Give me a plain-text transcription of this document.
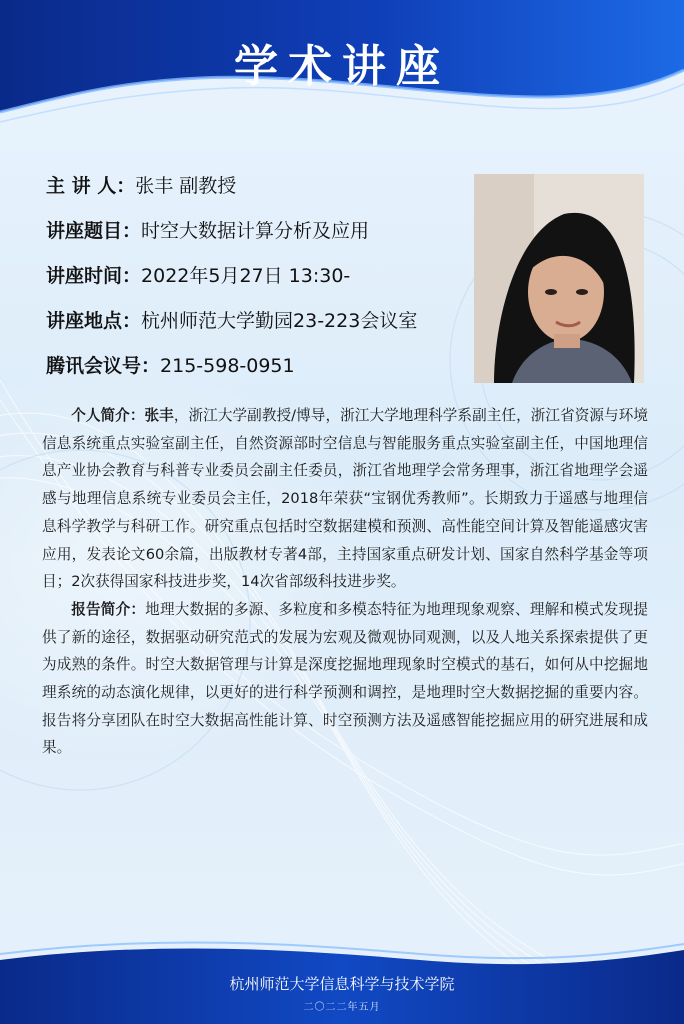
学术讲座
主 讲 人：张丰 副教授
讲座题目：时空大数据计算分析及应用
讲座时间：2022年5月27日 13:30-
讲座地点：杭州师范大学勤园23-223会议室
腾讯会议号：215-598-0951

个人简介：张丰，浙江大学副教授/博导，浙江大学地理科学系副主任，浙江省资源与环境信息系统重点实验室副主任，自然资源部时空信息与智能服务重点实验室副主任，中国地理信息产业协会教育与科普专业委员会副主任委员，浙江省地理学会常务理事，浙江省地理学会遥感与地理信息系统专业委员会主任，2018年荣获“宝钢优秀教师”。长期致力于遥感与地理信息科学教学与科研工作。研究重点包括时空数据建模和预测、高性能空间计算及智能遥感灾害应用，发表论文60余篇，出版教材专著4部，主持国家重点研发计划、国家自然科学基金等项目；2次获得国家科技进步奖，14次省部级科技进步奖。

报告简介：地理大数据的多源、多粒度和多模态特征为地理现象观察、理解和模式发现提供了新的途径，数据驱动研究范式的发展为宏观及微观协同观测，以及人地关系探索提供了更为成熟的条件。时空大数据管理与计算是深度挖掘地理现象时空模式的基石，如何从中挖掘地理系统的动态演化规律，以更好的进行科学预测和调控，是地理时空大数据挖掘的重要内容。报告将分享团队在时空大数据高性能计算、时空预测方法及遥感智能挖掘应用的研究进展和成果。

杭州师范大学信息科学与技术学院
二〇二二年五月
